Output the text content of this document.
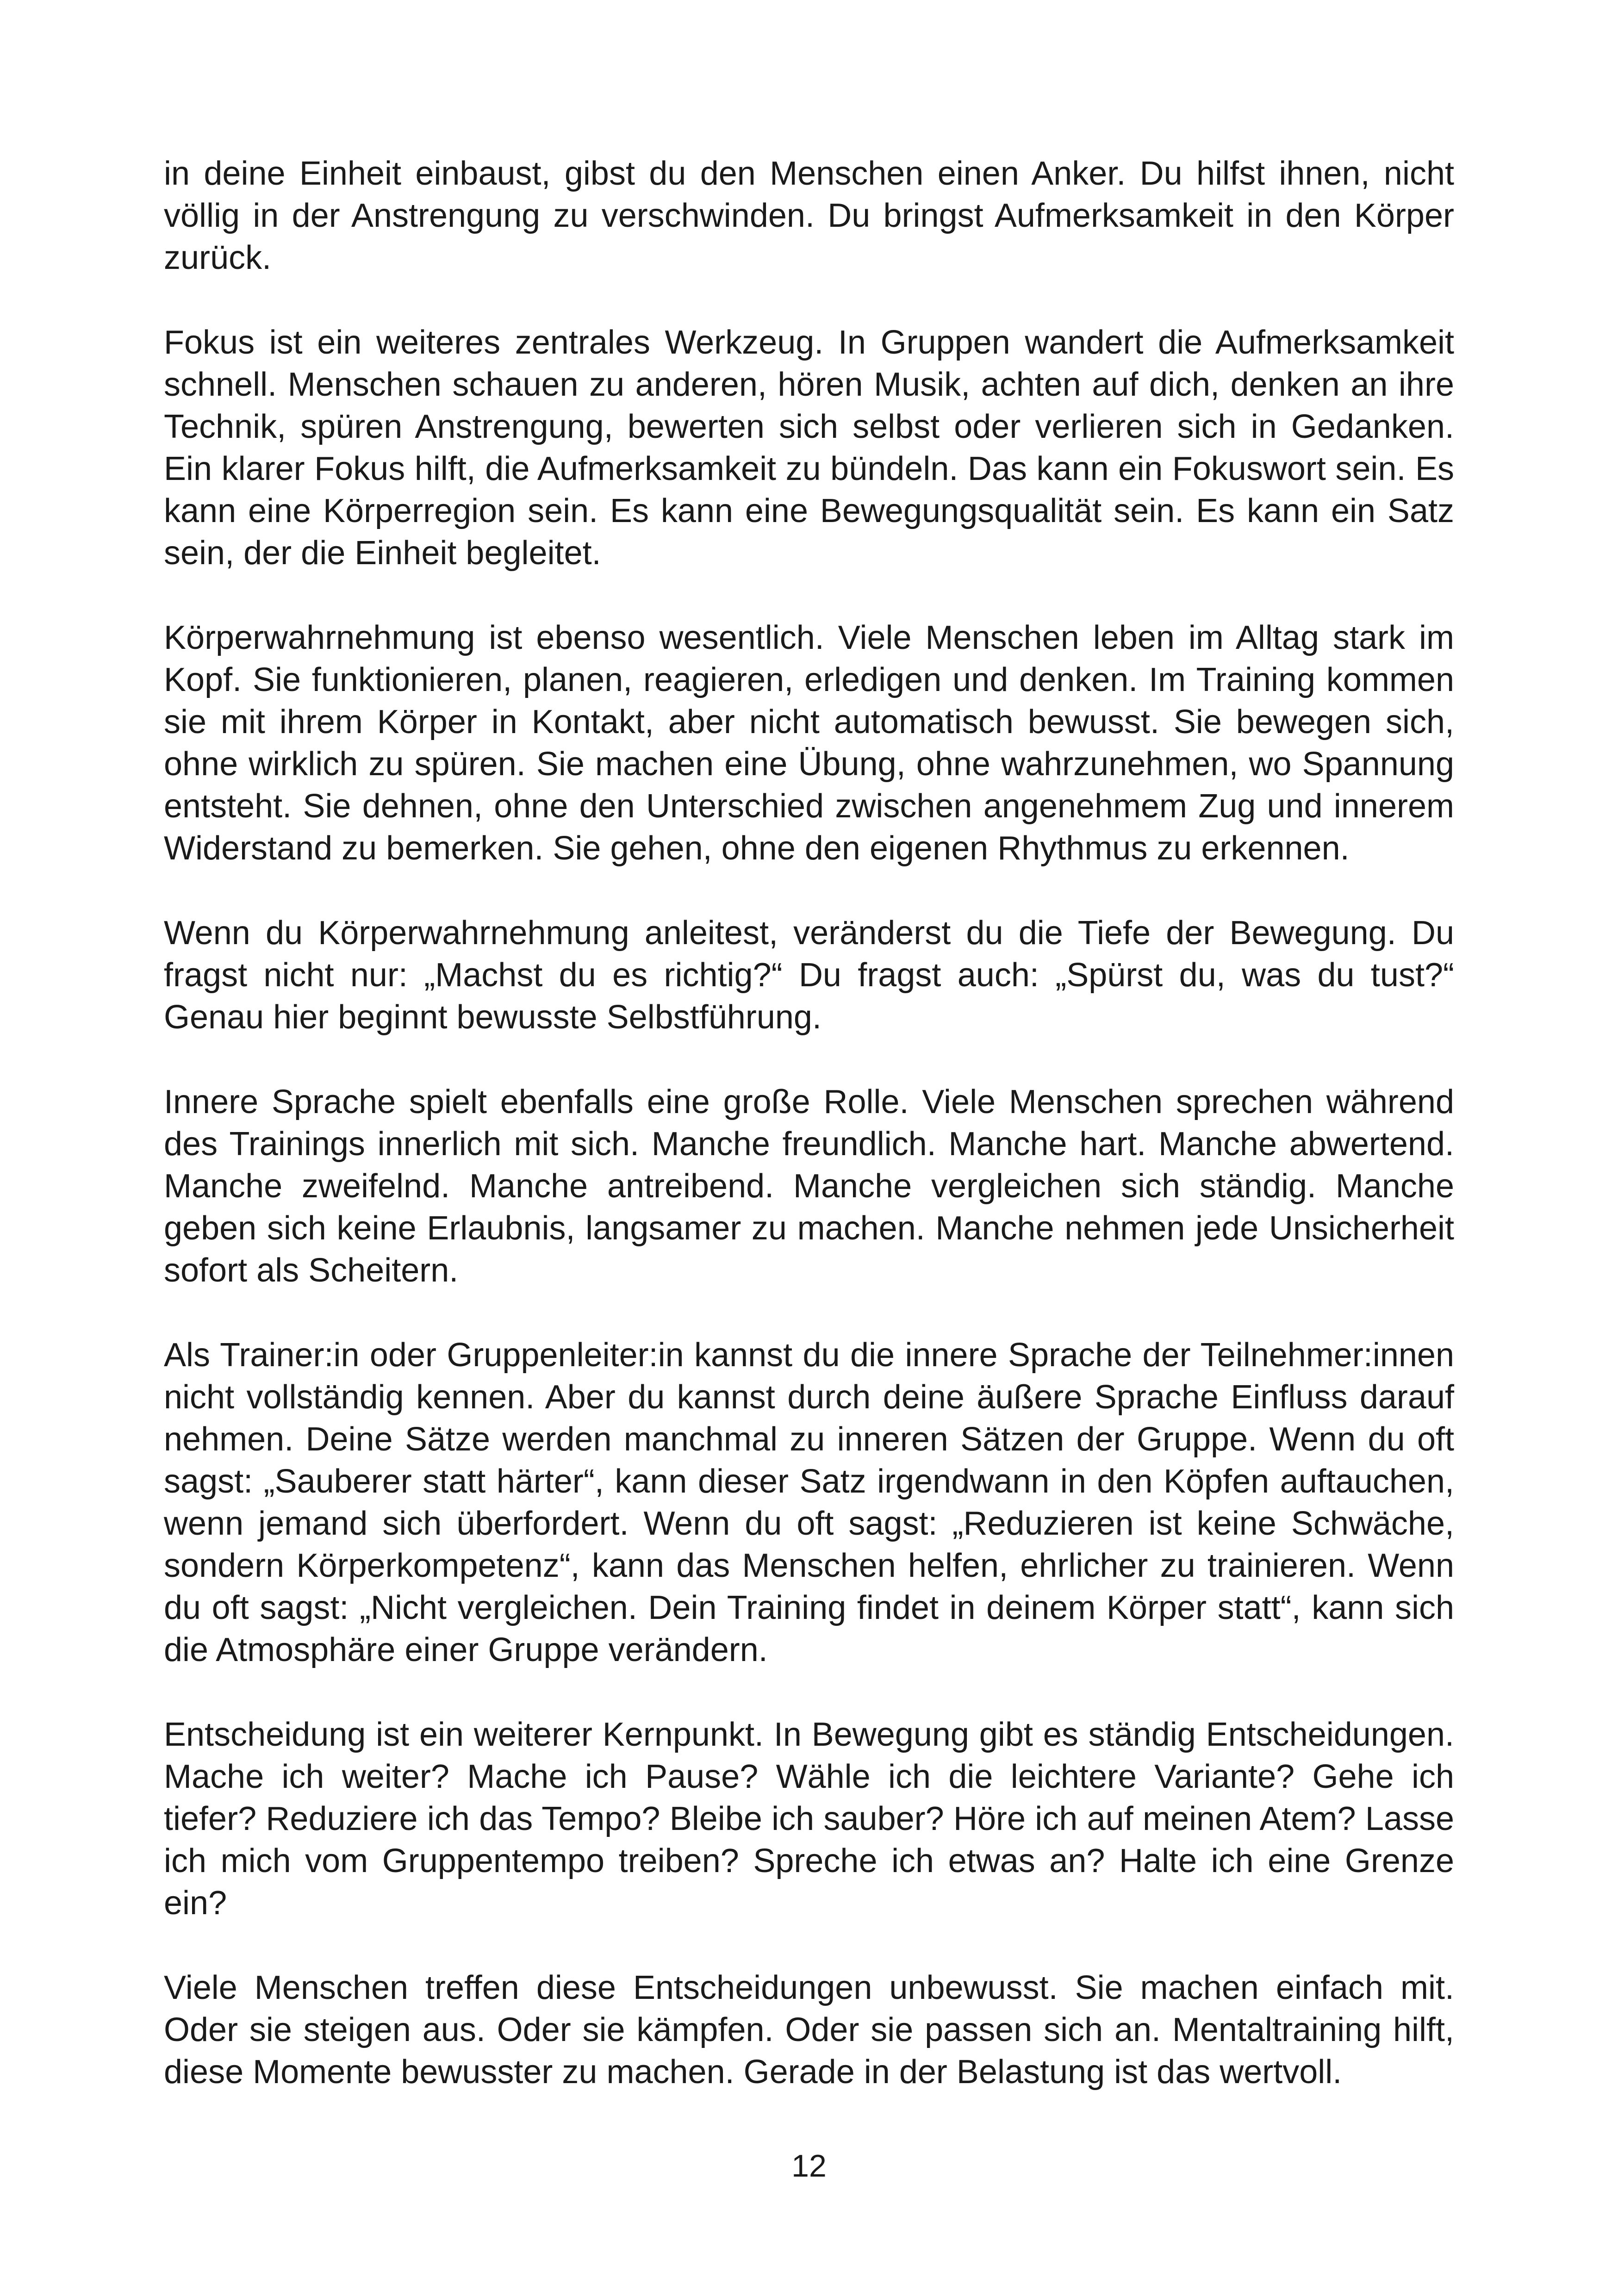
in deine Einheit einbaust, gibst du den Menschen einen Anker. Du hilfst ihnen, nicht völlig in der Anstrengung zu verschwinden. Du bringst Aufmerksamkeit in den Körper zurück.

Fokus ist ein weiteres zentrales Werkzeug. In Gruppen wandert die Aufmerksamkeit schnell. Menschen schauen zu anderen, hören Musik, achten auf dich, denken an ihre Technik, spüren Anstrengung, bewerten sich selbst oder verlieren sich in Gedanken. Ein klarer Fokus hilft, die Aufmerksamkeit zu bündeln. Das kann ein Fokuswort sein. Es kann eine Körperregion sein. Es kann eine Bewegungsqualität sein. Es kann ein Satz sein, der die Einheit begleitet.

Körperwahrnehmung ist ebenso wesentlich. Viele Menschen leben im Alltag stark im Kopf. Sie funktionieren, planen, reagieren, erledigen und denken. Im Training kommen sie mit ihrem Körper in Kontakt, aber nicht automatisch bewusst. Sie bewegen sich, ohne wirklich zu spüren. Sie machen eine Übung, ohne wahrzunehmen, wo Spannung entsteht. Sie dehnen, ohne den Unterschied zwischen angenehmem Zug und innerem Widerstand zu bemerken. Sie gehen, ohne den eigenen Rhythmus zu erkennen.

Wenn du Körperwahrnehmung anleitest, veränderst du die Tiefe der Bewegung. Du fragst nicht nur: „Machst du es richtig?“ Du fragst auch: „Spürst du, was du tust?“ Genau hier beginnt bewusste Selbstführung.

Innere Sprache spielt ebenfalls eine große Rolle. Viele Menschen sprechen während des Trainings innerlich mit sich. Manche freundlich. Manche hart. Manche abwertend. Manche zweifelnd. Manche antreibend. Manche vergleichen sich ständig. Manche geben sich keine Erlaubnis, langsamer zu machen. Manche nehmen jede Unsicherheit sofort als Scheitern.

Als Trainer:in oder Gruppenleiter:in kannst du die innere Sprache der Teilnehmer:innen nicht vollständig kennen. Aber du kannst durch deine äußere Sprache Einfluss darauf nehmen. Deine Sätze werden manchmal zu inneren Sätzen der Gruppe. Wenn du oft sagst: „Sauberer statt härter“, kann dieser Satz irgendwann in den Köpfen auftauchen, wenn jemand sich überfordert. Wenn du oft sagst: „Reduzieren ist keine Schwäche, sondern Körperkompetenz“, kann das Menschen helfen, ehrlicher zu trainieren. Wenn du oft sagst: „Nicht vergleichen. Dein Training findet in deinem Körper statt“, kann sich die Atmosphäre einer Gruppe verändern.

Entscheidung ist ein weiterer Kernpunkt. In Bewegung gibt es ständig Entscheidungen. Mache ich weiter? Mache ich Pause? Wähle ich die leichtere Variante? Gehe ich tiefer? Reduziere ich das Tempo? Bleibe ich sauber? Höre ich auf meinen Atem? Lasse ich mich vom Gruppentempo treiben? Spreche ich etwas an? Halte ich eine Grenze ein?

Viele Menschen treffen diese Entscheidungen unbewusst. Sie machen einfach mit. Oder sie steigen aus. Oder sie kämpfen. Oder sie passen sich an. Mentaltraining hilft, diese Momente bewusster zu machen. Gerade in der Belastung ist das wertvoll.

12
